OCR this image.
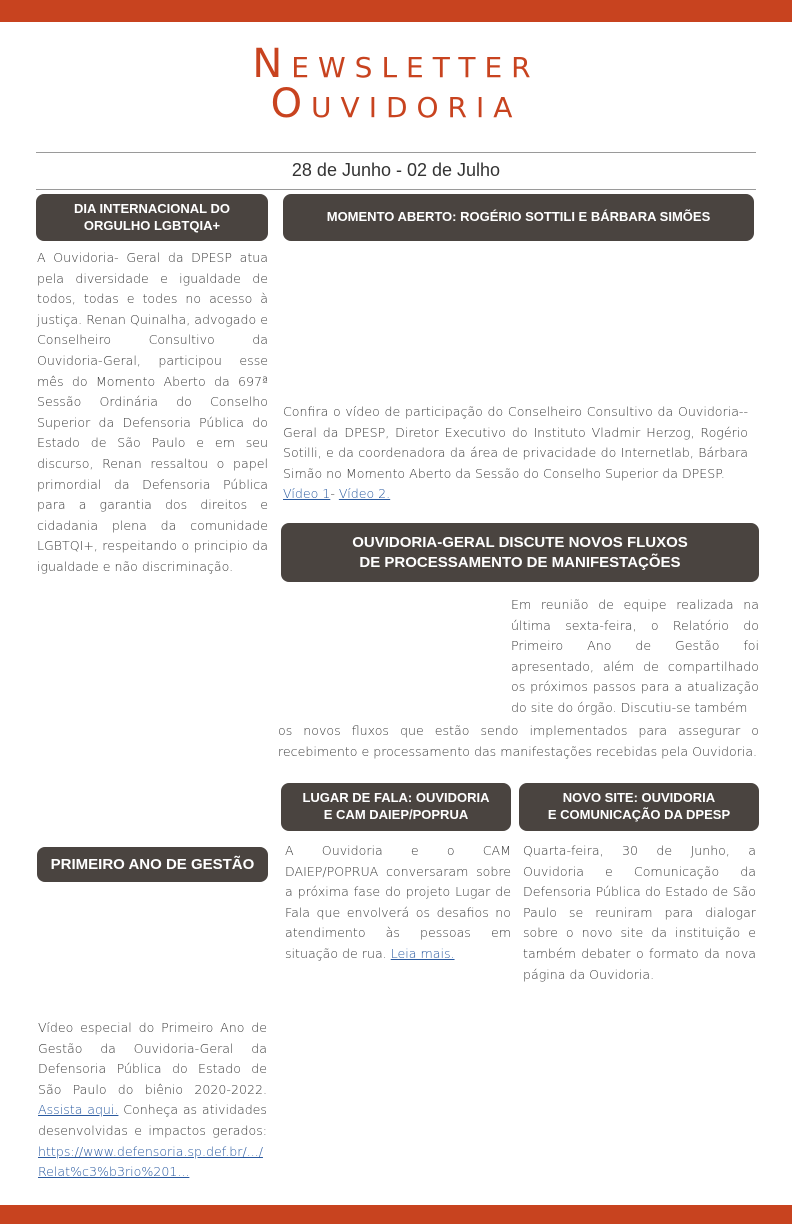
Newsletter
Ouvidoria
28 de Junho - 02 de Julho
DIA INTERNACIONAL DO
ORGULHO LGBTQIA+
A Ouvidoria- Geral da DPESP atua pela diversidade e igualdade de todos, todas e todes no acesso à justiça. Renan Quinalha, advogado e Conselheiro Consultivo da Ouvidoria-Geral, participou esse mês do Momento Aberto da 697ª Sessão Ordinária do Conselho Superior da Defensoria Pública do Estado de São Paulo e em seu discurso, Renan ressaltou o papel primordial da Defensoria Pública para a garantia dos direitos e cidadania plena da comunidade LGBTQI+, respeitando o principio da igualdade e não discriminação.
MOMENTO ABERTO: ROGÉRIO SOTTILI E BÁRBARA SIMÕES
Confira o vídeo de participação do Conselheiro Consultivo da Ouvidoria--Geral da DPESP, Diretor Executivo do Instituto Vladmir Herzog, Rogério Sotilli, e da coordenadora da área de privacidade do Internetlab, Bárbara Simão no Momento Aberto da Sessão do Conselho Superior da DPESP.
Vídeo 1- Vídeo 2.
OUVIDORIA-GERAL DISCUTE NOVOS FLUXOS
DE PROCESSAMENTO DE MANIFESTAÇÕES
Em reunião de equipe realizada na última sexta-feira, o Relatório do Primeiro Ano de Gestão foi apresentado, além de compartilhado os próximos passos para a atualização do site do órgão. Discutiu-se também
os novos fluxos que estão sendo implementados para assegurar o recebimento e processamento das manifestações recebidas pela Ouvidoria.
LUGAR DE FALA: OUVIDORIA
E CAM DAIEP/POPRUA
A Ouvidoria e o CAM DAIEP/POPRUA conversaram sobre a próxima fase do projeto Lugar de Fala que envolverá os desafios no atendimento às pessoas em situação de rua. Leia mais.
NOVO SITE: OUVIDORIA
E COMUNICAÇÃO DA DPESP
Quarta-feira, 30 de Junho, a Ouvidoria e Comunicação da Defensoria Pública do Estado de São Paulo se reuniram para dialogar sobre o novo site da instituição e também debater o formato da nova página da Ouvidoria.
PRIMEIRO ANO DE GESTÃO
Vídeo especial do Primeiro Ano de Gestão da Ouvidoria-Geral da Defensoria Pública do Estado de São Paulo do biênio 2020-2022. Assista aqui. Conheça as atividades desenvolvidas e impactos gerados: https://www.defensoria.sp.def.br/.../Relat%c3%b3rio%201...
